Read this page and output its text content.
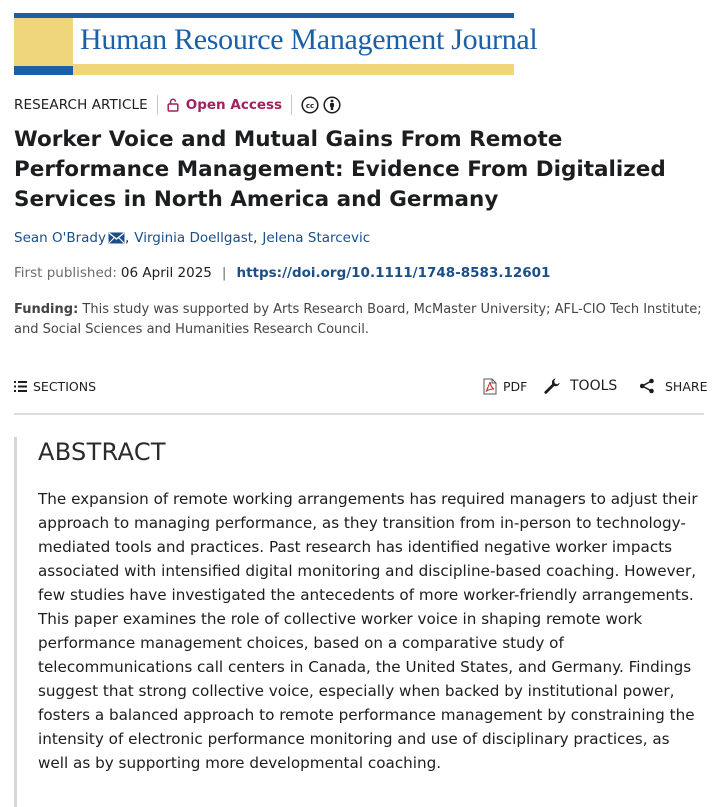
Human Resource Management Journal
RESEARCH ARTICLE	Open Access	cc
Worker Voice and Mutual Gains From Remote Performance Management: Evidence From Digitalized Services in North America and Germany
Sean O'Brady , Virginia Doellgast , Jelena Starcevic
First published: 06 April 2025 | https://doi.org/10.1111/1748-8583.12601
Funding: This study was supported by Arts Research Board, McMaster University; AFL-CIO Tech Institute; and Social Sciences and Humanities Research Council.
SECTIONS	PDF	TOOLS	SHARE
ABSTRACT

The expansion of remote working arrangements has required managers to adjust their approach to managing performance, as they transition from in-person to technology-mediated tools and practices. Past research has identified negative worker impacts associated with intensified digital monitoring and discipline-based coaching. However, few studies have investigated the antecedents of more worker-friendly arrangements. This paper examines the role of collective worker voice in shaping remote work performance management choices, based on a comparative study of telecommunications call centers in Canada, the United States, and Germany. Findings suggest that strong collective voice, especially when backed by institutional power, fosters a balanced approach to remote performance management by constraining the intensity of electronic performance monitoring and use of disciplinary practices, as well as by supporting more developmental coaching.
